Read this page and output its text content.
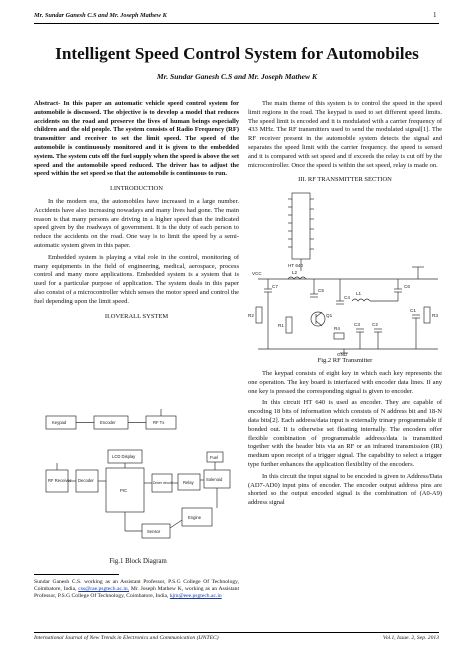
Mr. Sundar Ganesh C.S and Mr. Joseph Mathew K	1
Intelligent Speed Control System for Automobiles
Mr. Sundar Ganesh C.S and Mr. Joseph Mathew K

Abstract- In this paper an automatic vehicle speed control system for automobile is discussed. The objective is to develop a model that reduces accidents on the road and preserve the lives of human beings especially children and the old people. The system consists of Radio Frequency (RF) transmitter and receiver to set the limit speed. The speed of the automobile is continuously monitored and it is given to the embedded system. The system cuts off the fuel supply when the speed is above the set speed and the automobile speed reduced. The driver has to adjust the speed within the set speed so that the automobile is continuous to run.

I.INTRODUCTION

In the modern era, the automobiles have increased in a large number. Accidents have also increasing nowadays and many lives had gone. The main reason is that many persons are driving in a higher speed than the indicated speed given by the roadways of government. It is the duty of each person to reduce the accidents on the road. One way is to limit the speed by a semi-automatic system given in this paper.

Embedded system is playing a vital role in the control, monitoring of many equipments in the field of engineering, medical, aerospace, process control and many more applications. Embedded system is a system that is used for a particular purpose of application. The system deals in this paper also consist of a microcontroller which senses the motor speed and control the fuel depending upon the limit speed.

II.OVERALL SYSTEM

Keypad	Encoder	RF Tx
LCD Display
RF Receiver Decoder
PIC
Driver circuit	Relay
Solenoid
Fuel
Engine
Sensor
Fig.1 Block Diagram

The main theme of this system is to control the speed in the speed limit regions in the road. The keypad is used to set different speed limits. The speed limit is encoded and it is modulated with a carrier frequency of 433 MHz. The RF transmitters used to send the modulated signal[1]. The RF receiver present in the automobile system detects the signal and separates the speed limit with the carrier frequency. the speed is sensed and it is compared with set speed and if exceeds the relay is cut off by the microcontroller. Once the speed is within the set speed, relay is made on.

III. RF TRANSMITTER SECTION

HT 640
VCC
GND
C7
L2
C5
C6
R2
C4
L1
R1
Q1
R4
C3	C2
C1
R3

Fig.2 RF Transmitter

The keypad consists of eight key in which each key represents the one operation. The key board is interfaced with encoder data lines. If any one key is pressed the corresponding signal is given to encoder.

In this circuit HT 640 is used as encoder. They are capable of encoding 18 bits of information which consists of N address bit and 18-N data bits[2]. Each address/data input is externally trinary programmable if bonded out. It is otherwise set floating internally. The encoders offer flexible combination of programmable address/data is transmitted together with the header bits via an RF or an infrared transmission (IR) medium upon receipt of a trigger signal. The capability to select a trigger type further enhances the application flexibility of the encoders.

In this circuit the input signal to be encoded is given to Address/Data (AD7-AD0) input pins of encoder. The encoder output address pins are shorted so the output encoded signal is the combination of (A0-A9) address signal

Sundar Ganesh C.S. working as an Assistant Professor, P.S.G College Of Technology, Coimbatore, India, css@rae.psgtech.ac.in, Mr. Joseph Mathew K, working as an Assistant Professor, P.S.G College Of Technology, Coimbatore, India, kjm@eee.psgtech.ac.in
International Journal of New Trends in Electronics and Communication (IJNTEC)	Vol.1, Issue. 2, Sep. 2013
